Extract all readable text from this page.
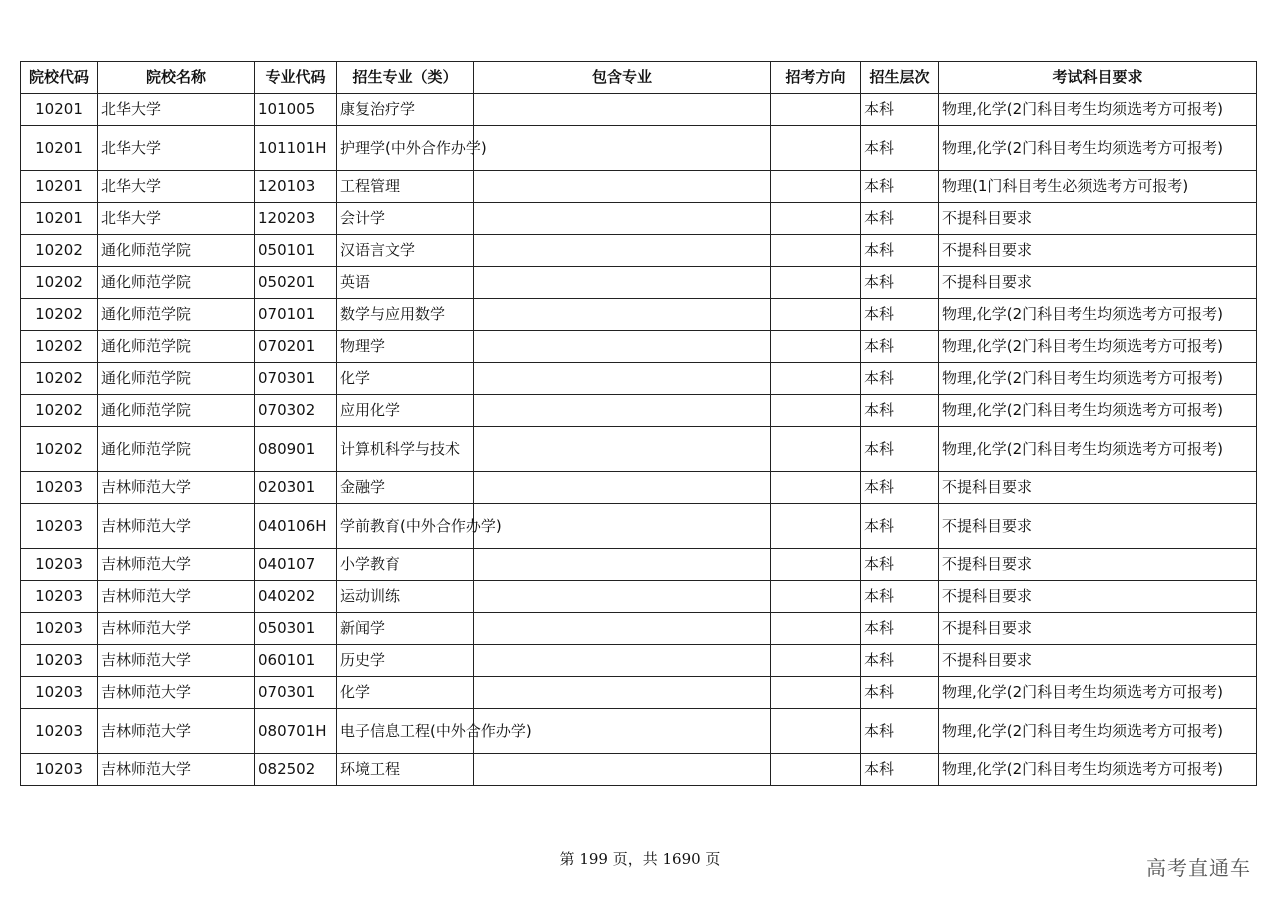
院校代码	院校名称	专业代码	招生专业（类）	包含专业	招考方向	招生层次	考试科目要求
10201	北华大学	101005	康复治疗学			本科	物理,化学(2门科目考生均须选考方可报考)
10201	北华大学	101101H	护理学(中外合作办学)			本科	物理,化学(2门科目考生均须选考方可报考)
10201	北华大学	120103	工程管理			本科	物理(1门科目考生必须选考方可报考)
10201	北华大学	120203	会计学			本科	不提科目要求
10202	通化师范学院	050101	汉语言文学			本科	不提科目要求
10202	通化师范学院	050201	英语			本科	不提科目要求
10202	通化师范学院	070101	数学与应用数学			本科	物理,化学(2门科目考生均须选考方可报考)
10202	通化师范学院	070201	物理学			本科	物理,化学(2门科目考生均须选考方可报考)
10202	通化师范学院	070301	化学			本科	物理,化学(2门科目考生均须选考方可报考)
10202	通化师范学院	070302	应用化学			本科	物理,化学(2门科目考生均须选考方可报考)
10202	通化师范学院	080901	计算机科学与技术			本科	物理,化学(2门科目考生均须选考方可报考)
10203	吉林师范大学	020301	金融学			本科	不提科目要求
10203	吉林师范大学	040106H	学前教育(中外合作办学)			本科	不提科目要求
10203	吉林师范大学	040107	小学教育			本科	不提科目要求
10203	吉林师范大学	040202	运动训练			本科	不提科目要求
10203	吉林师范大学	050301	新闻学			本科	不提科目要求
10203	吉林师范大学	060101	历史学			本科	不提科目要求
10203	吉林师范大学	070301	化学			本科	物理,化学(2门科目考生均须选考方可报考)
10203	吉林师范大学	080701H	电子信息工程(中外合作办学)			本科	物理,化学(2门科目考生均须选考方可报考)
10203	吉林师范大学	082502	环境工程			本科	物理,化学(2门科目考生均须选考方可报考)
第 199 页，共 1690 页	高考直通车
